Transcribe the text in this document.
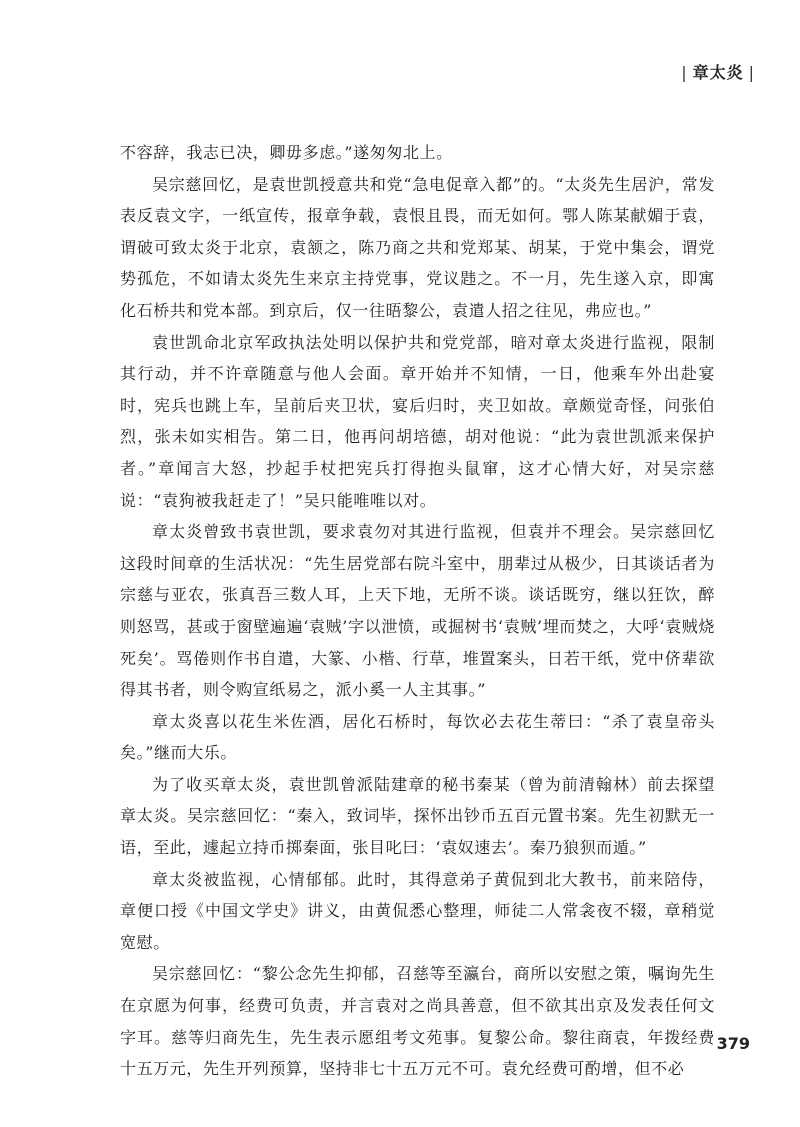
| 章太炎 |

不容辞，我志已决，卿毋多虑。”遂匆匆北上。

吴宗慈回忆，是袁世凯授意共和党“急电促章入都”的。“太炎先生居沪，常发表反袁文字，一纸宣传，报章争载，袁恨且畏，而无如何。鄂人陈某献媚于袁，谓破可致太炎于北京，袁颔之，陈乃商之共和党郑某、胡某，于党中集会，谓党势孤危，不如请太炎先生来京主持党事，党议韪之。不一月，先生遂入京，即寓化石桥共和党本部。到京后，仅一往晤黎公，袁遣人招之往见，弗应也。”

袁世凯命北京军政执法处明以保护共和党党部，暗对章太炎进行监视，限制其行动，并不许章随意与他人会面。章开始并不知情，一日，他乘车外出赴宴时，宪兵也跳上车，呈前后夹卫状，宴后归时，夹卫如故。章颇觉奇怪，问张伯烈，张未如实相告。第二日，他再问胡培德，胡对他说：“此为袁世凯派来保护者。”章闻言大怒，抄起手杖把宪兵打得抱头鼠窜，这才心情大好，对吴宗慈说：“袁狗被我赶走了！”吴只能唯唯以对。

章太炎曾致书袁世凯，要求袁勿对其进行监视，但袁并不理会。吴宗慈回忆这段时间章的生活状况：“先生居党部右院斗室中，朋辈过从极少，日其谈话者为宗慈与亚农，张真吾三数人耳，上天下地，无所不谈。谈话既穷，继以狂饮，醉则怒骂，甚或于窗壁遍遍‘袁贼’字以泄愤，或掘树书‘袁贼’埋而焚之，大呼‘袁贼烧死矣’。骂倦则作书自遣，大篆、小楷、行草，堆置案头，日若干纸，党中侪辈欲得其书者，则令购宣纸易之，派小奚一人主其事。”

章太炎喜以花生米佐酒，居化石桥时，每饮必去花生蒂曰：“杀了袁皇帝头矣。”继而大乐。

为了收买章太炎，袁世凯曾派陆建章的秘书秦某（曾为前清翰林）前去探望章太炎。吴宗慈回忆：“秦入，致词毕，探怀出钞币五百元置书案。先生初默无一语，至此，遽起立持币掷秦面，张目叱曰：‘袁奴速去’。秦乃狼狈而遁。”

章太炎被监视，心情郁郁。此时，其得意弟子黄侃到北大教书，前来陪侍，章便口授《中国文学史》讲义，由黄侃悉心整理，师徒二人常衾夜不辍，章稍觉宽慰。

吴宗慈回忆：“黎公念先生抑郁，召慈等至瀛台，商所以安慰之策，嘱询先生在京愿为何事，经费可负责，并言袁对之尚具善意，但不欲其出京及发表任何文字耳。慈等归商先生，先生表示愿组考文苑事。复黎公命。黎往商袁，年拨经费十五万元，先生开列预算，坚持非七十五万元不可。袁允经费可酌增，但不必

379
